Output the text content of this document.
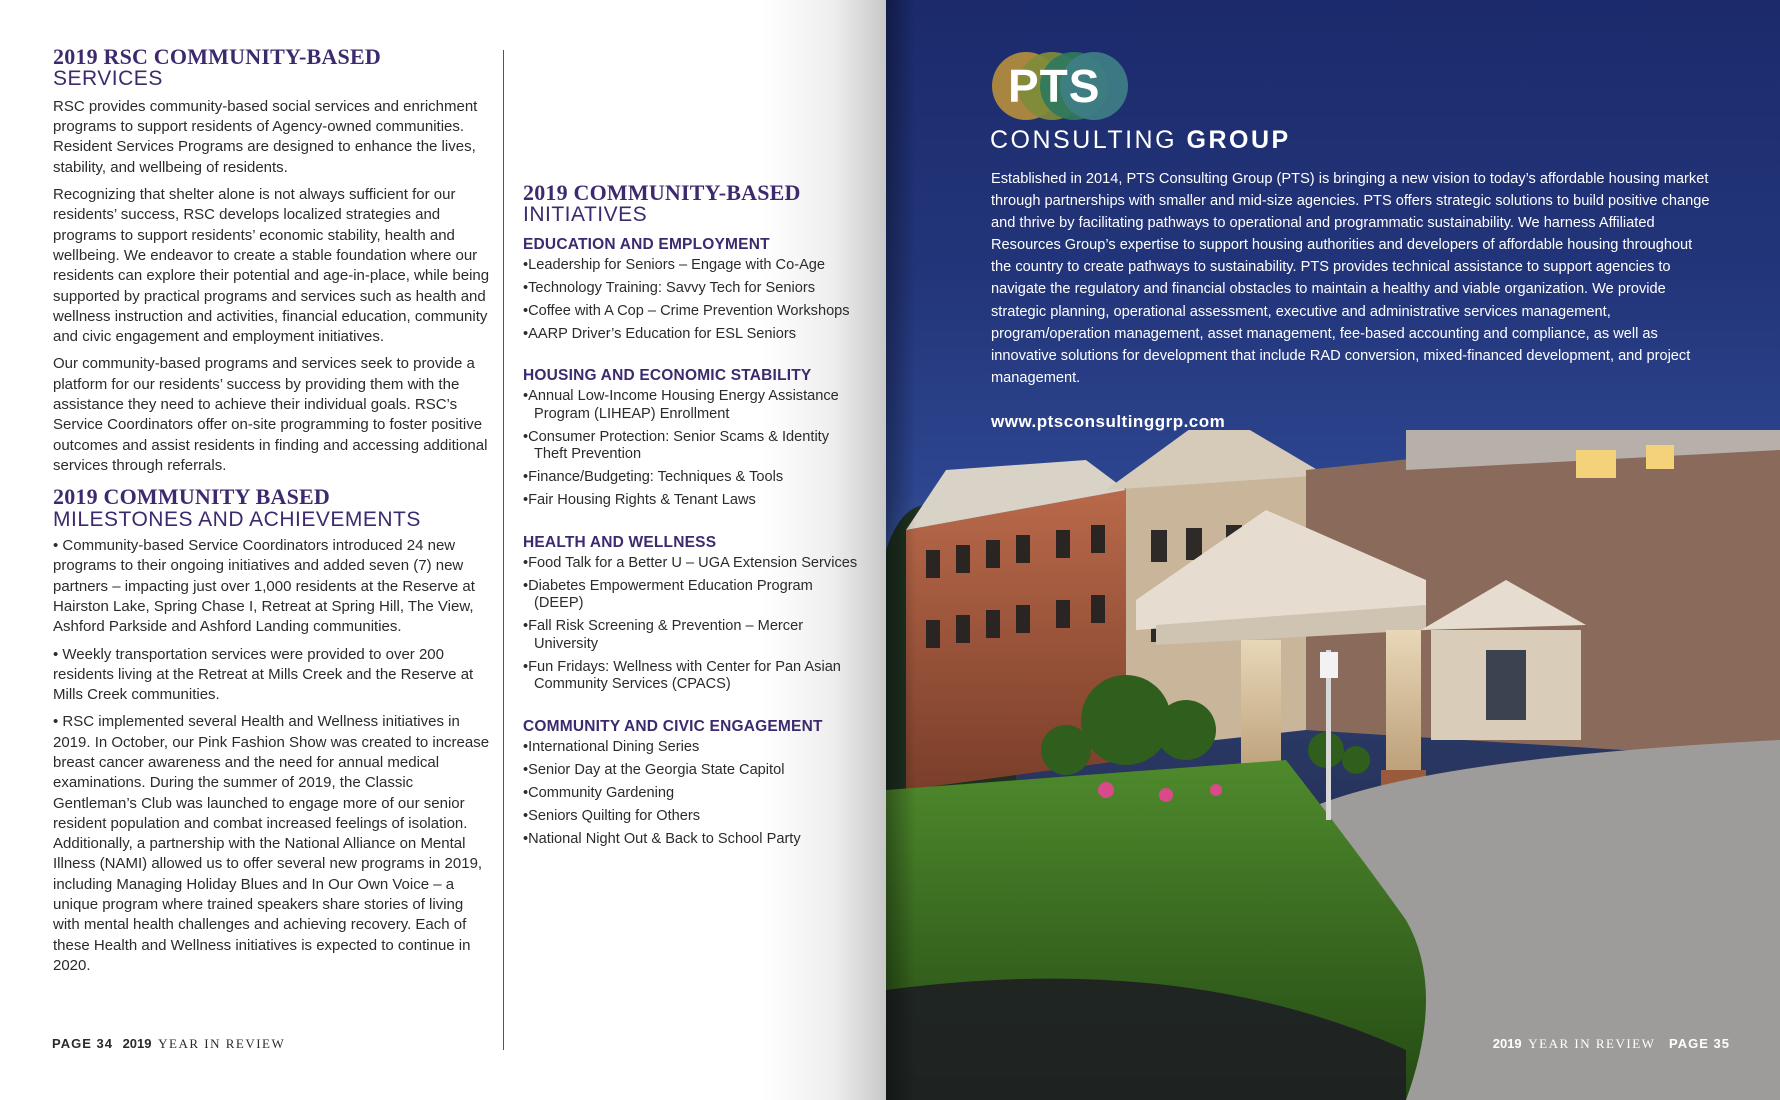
2019 RSC COMMUNITY-BASED
SERVICES

RSC provides community-based social services and enrichment programs to support residents of Agency-owned communities. Resident Services Programs are designed to enhance the lives, stability, and wellbeing of residents.

Recognizing that shelter alone is not always sufficient for our residents’ success, RSC develops localized strategies and programs to support residents’ economic stability, health and wellbeing. We endeavor to create a stable foundation where our residents can explore their potential and age-in-place, while being supported by practical programs and services such as health and wellness instruction and activities, financial education, community and civic engagement and employment initiatives.

Our community-based programs and services seek to provide a platform for our residents’ success by providing them with the assistance they need to achieve their individual goals. RSC’s Service Coordinators offer on-site programming to foster positive outcomes and assist residents in finding and accessing additional services through referrals.

2019 COMMUNITY BASED
MILESTONES AND ACHIEVEMENTS

• Community-based Service Coordinators introduced 24 new programs to their ongoing initiatives and added seven (7) new partners – impacting just over 1,000 residents at the Reserve at Hairston Lake, Spring Chase I, Retreat at Spring Hill, The View, Ashford Parkside and Ashford Landing communities.

• Weekly transportation services were provided to over 200 residents living at the Retreat at Mills Creek and the Reserve at Mills Creek communities.

• RSC implemented several Health and Wellness initiatives in 2019. In October, our Pink Fashion Show was created to increase breast cancer awareness and the need for annual medical examinations. During the summer of 2019, the Classic Gentleman’s Club was launched to engage more of our senior resident population and combat increased feelings of isolation. Additionally, a partnership with the National Alliance on Mental Illness (NAMI) allowed us to offer several new programs in 2019, including Managing Holiday Blues and In Our Own Voice – a unique program where trained speakers share stories of living with mental health challenges and achieving recovery. Each of these Health and Wellness initiatives is expected to continue in 2020.

2019 COMMUNITY-BASED
INITIATIVES
EDUCATION AND EMPLOYMENT
• Leadership for Seniors – Engage with Co-Age
• Technology Training: Savvy Tech for Seniors
• Coffee with A Cop – Crime Prevention Workshops
• AARP Driver’s Education for ESL Seniors
HOUSING AND ECONOMIC STABILITY
• Annual Low-Income Housing Energy Assistance Program (LIHEAP) Enrollment
• Consumer Protection: Senior Scams & Identity Theft Prevention
• Finance/Budgeting: Techniques & Tools
• Fair Housing Rights & Tenant Laws
HEALTH AND WELLNESS
• Food Talk for a Better U – UGA Extension Services
• Diabetes Empowerment Education Program (DEEP)
• Fall Risk Screening & Prevention – Mercer University
• Fun Fridays: Wellness with Center for Pan Asian Community Services (CPACS)
COMMUNITY AND CIVIC ENGAGEMENT
• International Dining Series
• Senior Day at the Georgia State Capitol
• Community Gardening
• Seniors Quilting for Others
• National Night Out & Back to School Party
PAGE 34 2019 YEAR IN REVIEW
PTS
CONSULTING GROUP
Established in 2014, PTS Consulting Group (PTS) is bringing a new vision to today’s affordable housing market through partnerships with smaller and mid-size agencies. PTS offers strategic solutions to build positive change and thrive by facilitating pathways to operational and programmatic sustainability. We harness Affiliated Resources Group’s expertise to support housing authorities and developers of affordable housing throughout the country to create pathways to sustainability. PTS provides technical assistance to support agencies to navigate the regulatory and financial obstacles to maintain a healthy and viable organization. We provide strategic planning, operational assessment, executive and administrative services management, program/operation management, asset management, fee-based accounting and compliance, as well as innovative solutions for development that include RAD conversion, mixed-financed development, and project management.
www.ptsconsultinggrp.com
2019 YEAR IN REVIEW PAGE 35
